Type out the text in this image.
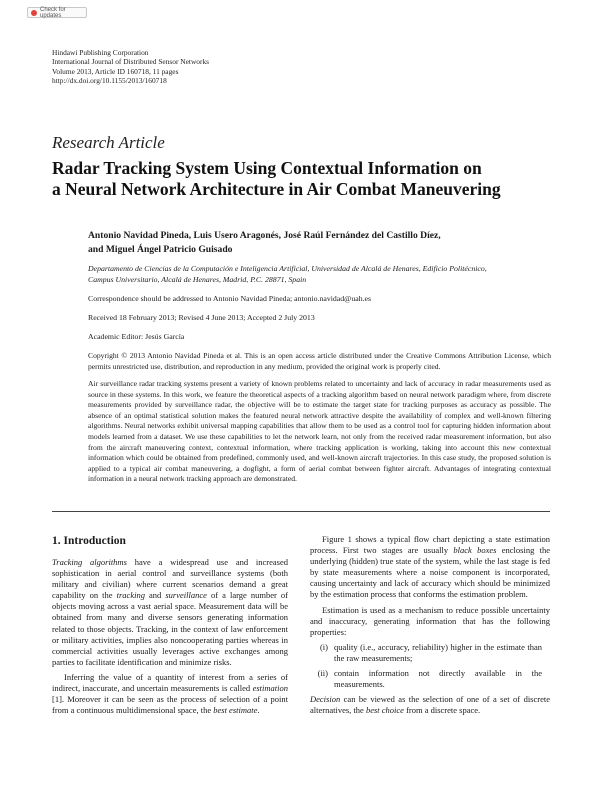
Check for updates
Hindawi Publishing Corporation
International Journal of Distributed Sensor Networks
Volume 2013, Article ID 160718, 11 pages
http://dx.doi.org/10.1155/2013/160718
Research Article
Radar Tracking System Using Contextual Information on
a Neural Network Architecture in Air Combat Maneuvering
Antonio Navidad Pineda, Luis Usero Aragonés, José Raúl Fernández del Castillo Díez,
and Miguel Ángel Patricio Guisado
Departamento de Ciencias de la Computación e Inteligencia Artificial, Universidad de Alcalá de Henares, Edificio Politécnico,
Campus Universitario, Alcalá de Henares, Madrid, P.C. 28871, Spain
Correspondence should be addressed to Antonio Navidad Pineda; antonio.navidad@uah.es
Received 18 February 2013; Revised 4 June 2013; Accepted 2 July 2013
Academic Editor: Jesús García
Copyright © 2013 Antonio Navidad Pineda et al. This is an open access article distributed under the Creative Commons Attribution License, which permits unrestricted use, distribution, and reproduction in any medium, provided the original work is properly cited.
Air surveillance radar tracking systems present a variety of known problems related to uncertainty and lack of accuracy in radar measurements used as source in these systems. In this work, we feature the theoretical aspects of a tracking algorithm based on neural network paradigm where, from discrete measurements provided by surveillance radar, the objective will be to estimate the target state for tracking purposes as accuracy as possible. The absence of an optimal statistical solution makes the featured neural network attractive despite the availability of complex and well-known filtering algorithms. Neural networks exhibit universal mapping capabilities that allow them to be used as a control tool for capturing hidden information about models learned from a dataset. We use these capabilities to let the network learn, not only from the received radar measurement information, but also from the aircraft maneuvering context, contextual information, where tracking application is working, taking into account this new contextual information which could be obtained from predefined, commonly used, and well-known aircraft trajectories. In this case study, the proposed solution is applied to a typical air combat maneuvering, a dogfight, a form of aerial combat between fighter aircraft. Advantages of integrating contextual information in a neural network tracking approach are demonstrated.
1. Introduction

Tracking algorithms have a widespread use and increased sophistication in aerial control and surveillance systems (both military and civilian) where current scenarios demand a great capability on the tracking and surveillance of a large number of objects moving across a vast aerial space. Measurement data will be obtained from many and diverse sensors generating information related to those objects. Tracking, in the context of law enforcement or military activities, implies also noncooperating parties whereas in commercial activities usually leverages active exchanges among parties to facilitate identification and minimize risks.

Inferring the value of a quantity of interest from a series of indirect, inaccurate, and uncertain measurements is called estimation [1]. Moreover it can be seen as the process of selection of a point from a continuous multidimensional space, the best estimate.

Figure 1 shows a typical flow chart depicting a state estimation process. First two stages are usually black boxes enclosing the underlying (hidden) true state of the system, while the last stage is fed by state measurements where a noise component is incorporated, causing uncertainty and lack of accuracy which should be minimized by the estimation process that conforms the estimation problem.

Estimation is used as a mechanism to reduce possible uncertainty and inaccuracy, generating information that has the following properties:

(i) quality (i.e., accuracy, reliability) higher in the estimate than the raw measurements;
(ii) contain information not directly available in the measurements.

Decision can be viewed as the selection of one of a set of discrete alternatives, the best choice from a discrete space.
